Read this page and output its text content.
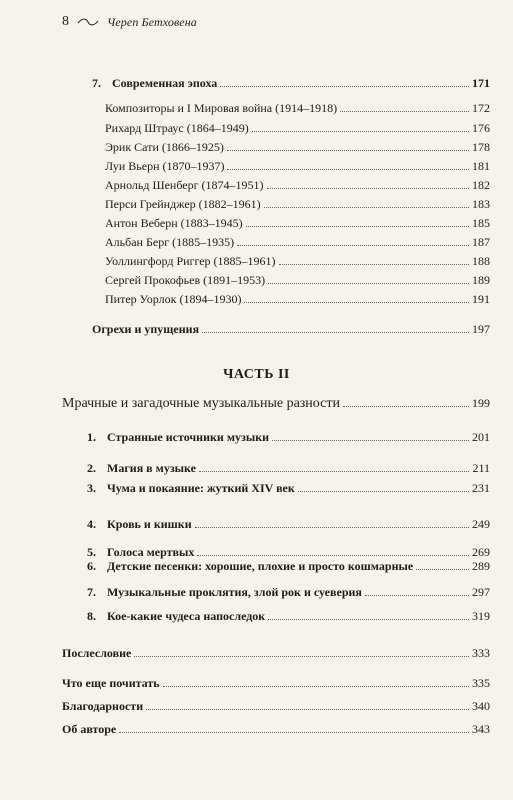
8	Череп Бетховена
7. Современная эпоха	171
Композиторы и I Мировая война (1914–1918)	172
Рихард Штраус (1864–1949)	176
Эрик Сати (1866–1925)	178
Луи Вьерн (1870–1937)	181
Арнольд Шенберг (1874–1951)	182
Перси Грейнджер (1882–1961)	183
Антон Веберн (1883–1945)	185
Альбан Берг (1885–1935)	187
Уоллингфорд Риггер (1885–1961)	188
Сергей Прокофьев (1891–1953)	189
Питер Уорлок (1894–1930)	191
Огрехи и упущения	197
ЧАСТЬ II
Мрачные и загадочные музыкальные разности	199
1. Странные источники музыки	201
2. Магия в музыке	211
3. Чума и покаяние: жуткий XIV век	231
4. Кровь и кишки	249
5. Голоса мертвых	269
6. Детские песенки: хорошие, плохие и просто кошмарные	289
7. Музыкальные проклятия, злой рок и суеверия	297
8. Кое-какие чудеса напоследок	319
Послесловие	333
Что еще почитать	335
Благодарности	340
Об авторе	343
